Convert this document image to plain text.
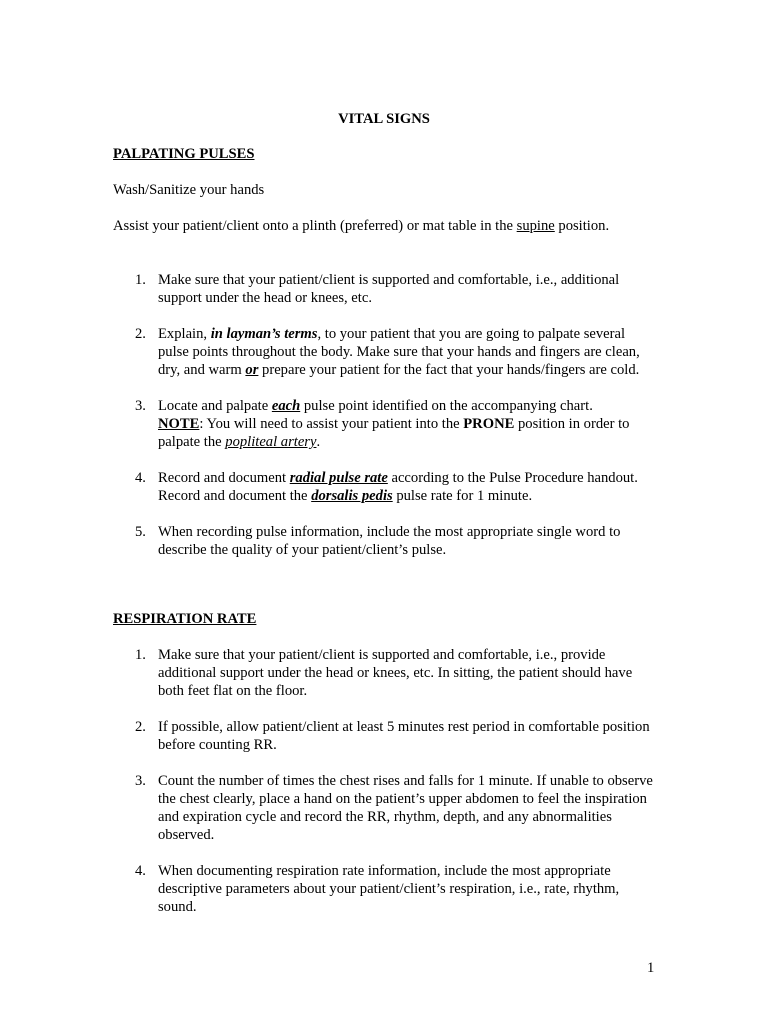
VITAL SIGNS
PALPATING PULSES
Wash/Sanitize your hands
Assist your patient/client onto a plinth (preferred) or mat table in the supine position.
1. Make sure that your patient/client is supported and comfortable, i.e., additional support under the head or knees, etc.
2. Explain, in layman’s terms, to your patient that you are going to palpate several pulse points throughout the body. Make sure that your hands and fingers are clean, dry, and warm or prepare your patient for the fact that your hands/fingers are cold.
3. Locate and palpate each pulse point identified on the accompanying chart.
NOTE: You will need to assist your patient into the PRONE position in order to palpate the popliteal artery.
4. Record and document radial pulse rate according to the Pulse Procedure handout. Record and document the dorsalis pedis pulse rate for 1 minute.
5. When recording pulse information, include the most appropriate single word to describe the quality of your patient/client’s pulse.
RESPIRATION RATE
1. Make sure that your patient/client is supported and comfortable, i.e., provide additional support under the head or knees, etc. In sitting, the patient should have both feet flat on the floor.
2. If possible, allow patient/client at least 5 minutes rest period in comfortable position before counting RR.
3. Count the number of times the chest rises and falls for 1 minute. If unable to observe the chest clearly, place a hand on the patient’s upper abdomen to feel the inspiration and expiration cycle and record the RR, rhythm, depth, and any abnormalities observed.
4. When documenting respiration rate information, include the most appropriate descriptive parameters about your patient/client’s respiration, i.e., rate, rhythm, sound.
1
